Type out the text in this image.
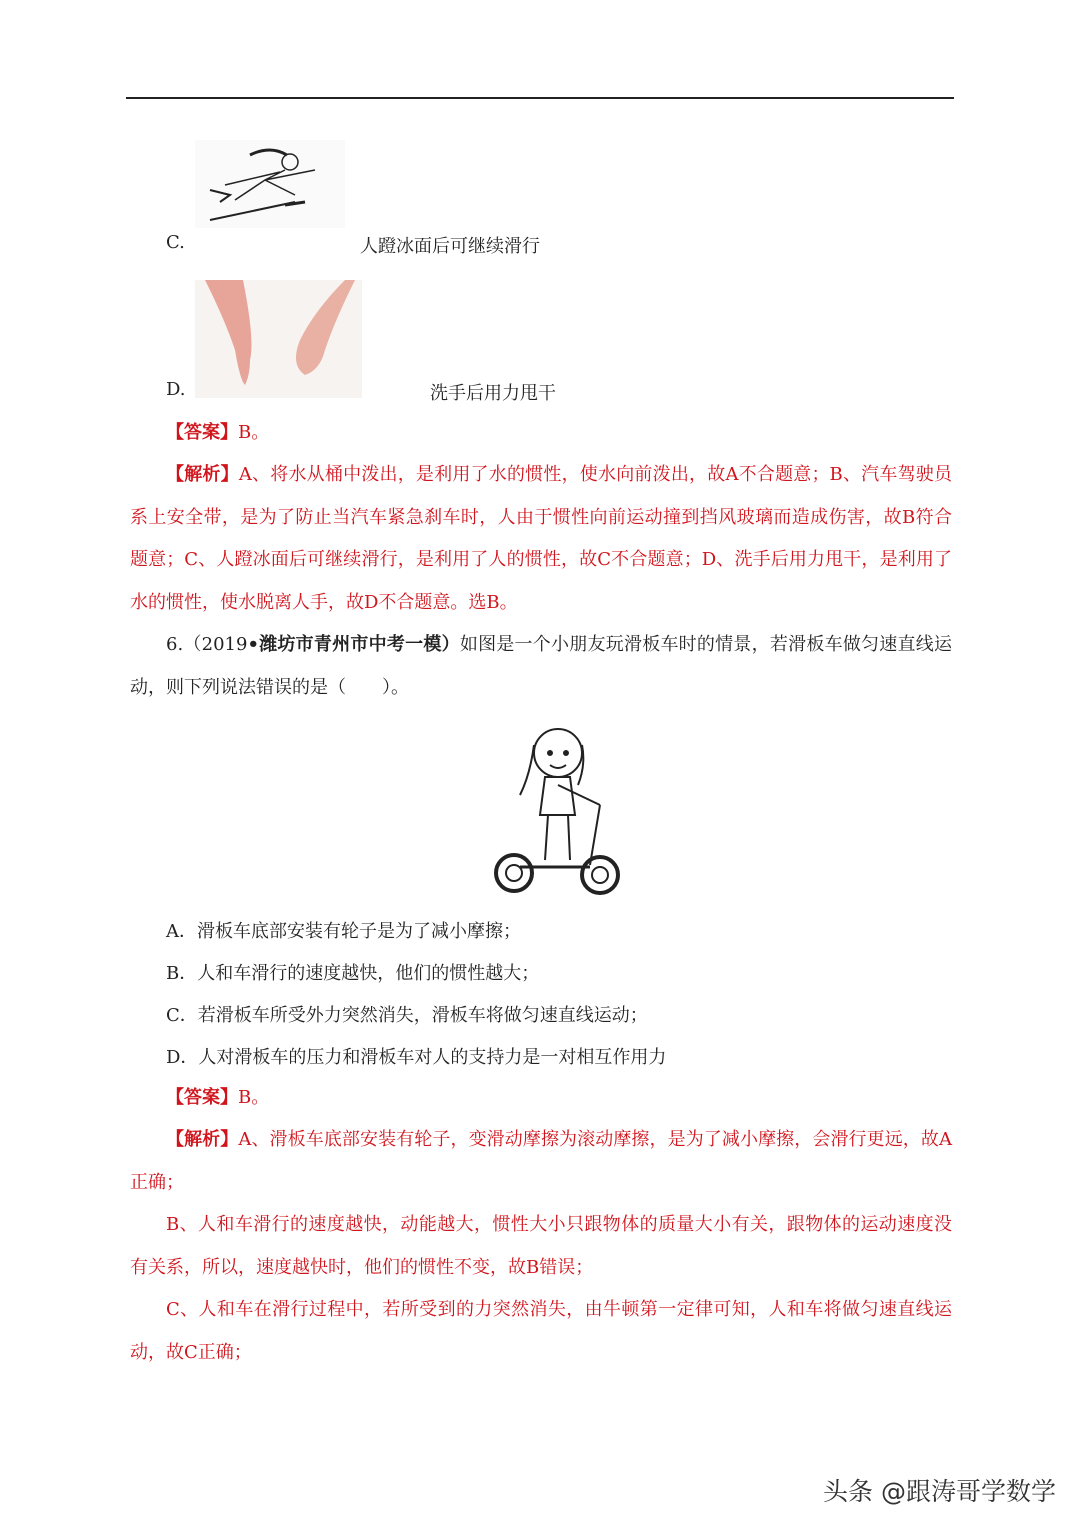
C.	人蹬冰面后可继续滑行
D.	洗手后用力甩干
【答案】B。
【解析】A、将水从桶中泼出，是利用了水的惯性，使水向前泼出，故A不合题意；B、汽车驾驶员系上安全带，是为了防止当汽车紧急刹车时，人由于惯性向前运动撞到挡风玻璃而造成伤害，故B符合题意；C、人蹬冰面后可继续滑行，是利用了人的惯性，故C不合题意；D、洗手后用力甩干，是利用了水的惯性，使水脱离人手，故D不合题意。选B。
6.（2019•潍坊市青州市中考一模）如图是一个小朋友玩滑板车时的情景，若滑板车做匀速直线运动，则下列说法错误的是（　　）。
A．滑板车底部安装有轮子是为了减小摩擦；
B．人和车滑行的速度越快，他们的惯性越大；
C．若滑板车所受外力突然消失，滑板车将做匀速直线运动；
D．人对滑板车的压力和滑板车对人的支持力是一对相互作用力
【答案】B。
【解析】A、滑板车底部安装有轮子，变滑动摩擦为滚动摩擦，是为了减小摩擦，会滑行更远，故A正确；
B、人和车滑行的速度越快，动能越大，惯性大小只跟物体的质量大小有关，跟物体的运动速度没有关系，所以，速度越快时，他们的惯性不变，故B错误；
C、人和车在滑行过程中，若所受到的力突然消失，由牛顿第一定律可知，人和车将做匀速直线运动，故C正确；
头条 @跟涛哥学数学
